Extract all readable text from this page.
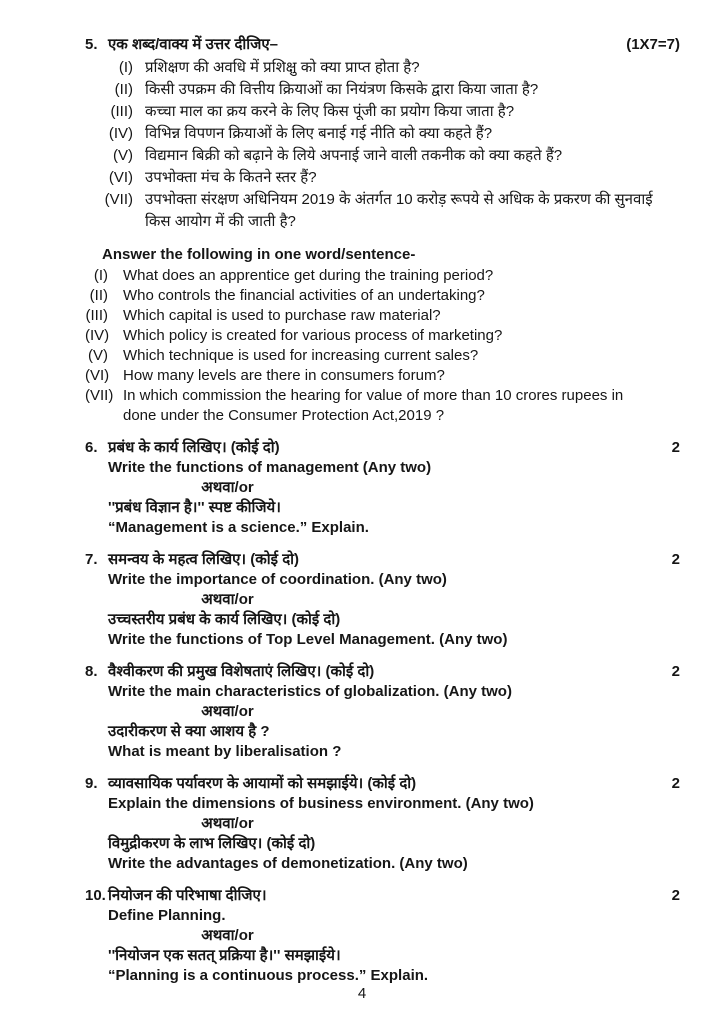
5. एक शब्द/वाक्य में उत्तर दीजिए–	(1X7=7)
(I) प्रशिक्षण की अवधि में प्रशिक्षु को क्या प्राप्त होता है?
(II) किसी उपक्रम की वित्तीय क्रियाओं का नियंत्रण किसके द्वारा किया जाता है?
(III) कच्चा माल का क्रय करने के लिए किस पूंजी का प्रयोग किया जाता है?
(IV) विभिन्न विपणन क्रियाओं के लिए बनाई गई नीति को क्या कहते हैं?
(V) विद्यमान बिक्री को बढ़ाने के लिये अपनाई जाने वाली तकनीक को क्या कहते हैं?
(VI) उपभोक्ता मंच के कितने स्तर हैं?
(VII) उपभोक्ता संरक्षण अधिनियम 2019 के अंतर्गत 10 करोड़ रूपये से अधिक के प्रकरण की सुनवाई किस आयोग में की जाती है?
Answer the following in one word/sentence-
(I)	What does an apprentice get during the training period?
(II)	Who controls the financial activities of an undertaking?
(III)	Which capital is used to purchase raw material?
(IV) Which policy is created for various process of marketing?
(V)	Which technique is used for increasing current sales?
(VI) How many levels are there in consumers forum?
(VII) In which commission the hearing for value of more than 10 crores rupees in done under the Consumer Protection Act,2019 ?
6. प्रबंध के कार्य लिखिए। (कोई दो)	2
Write the functions of management (Any two)
अथवा/or
''प्रबंध विज्ञान है।'' स्पष्ट कीजिये।
“Management is a science.” Explain.
7. समन्वय के महत्व लिखिए। (कोई दो)	2
Write the importance of coordination. (Any two)
अथवा/or
उच्चस्तरीय प्रबंध के कार्य लिखिए। (कोई दो)
Write the functions of Top Level Management. (Any two)
8. वैश्वीकरण की प्रमुख विशेषताएं लिखिए। (कोई दो)	2
Write the main characteristics of globalization. (Any two)
अथवा/or
उदारीकरण से क्या आशय है ?
What is meant by liberalisation ?
9. व्यावसायिक पर्यावरण के आयामों को समझाईये। (कोई दो)	2
Explain the dimensions of business environment. (Any two)
अथवा/or
विमुद्रीकरण के लाभ लिखिए। (कोई दो)
Write the advantages of demonetization. (Any two)
10. नियोजन की परिभाषा दीजिए।	2
Define Planning.
अथवा/or
''नियोजन एक सतत् प्रक्रिया है।'' समझाईये।
“Planning is a continuous process.” Explain.
4
